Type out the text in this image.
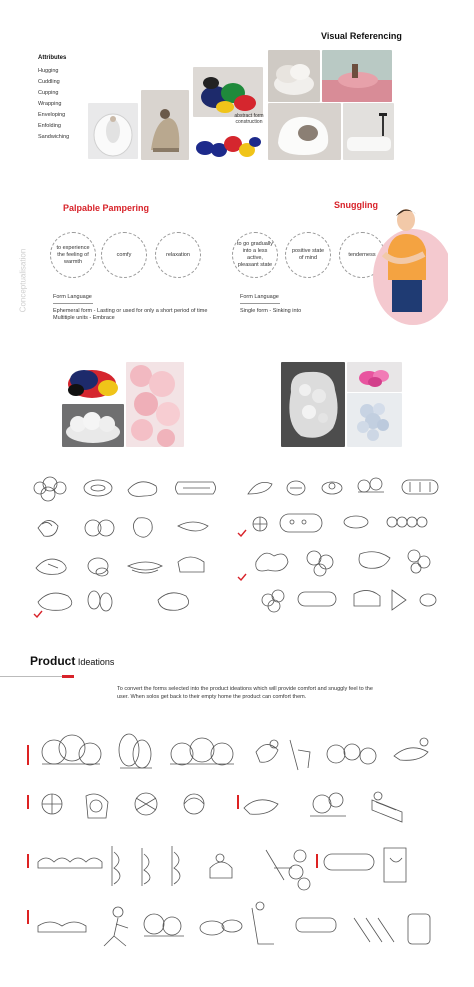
Visual Referencing
Attributes
Hugging
Cuddling
Cupping
Wrapping
Enveloping
Enfolding
Sandwiching
abstract form construction
Conceptualisation
Palpable Pampering
to experience the feeling of warmth
comfy	relaxation
Form Language
Ephemeral form - Lasting or used for only a short period of time
Multitiple units - Embrace
Snuggling
to go gradually into a less active, pleasant state
positive state of mind
tenderness
Form Language
Single form - Sinking into
Product Ideations
To convert the forms selected into the product ideations which will provide comfort and snuggly feel to the user. When solos get back to their empty home the product can comfort them.
